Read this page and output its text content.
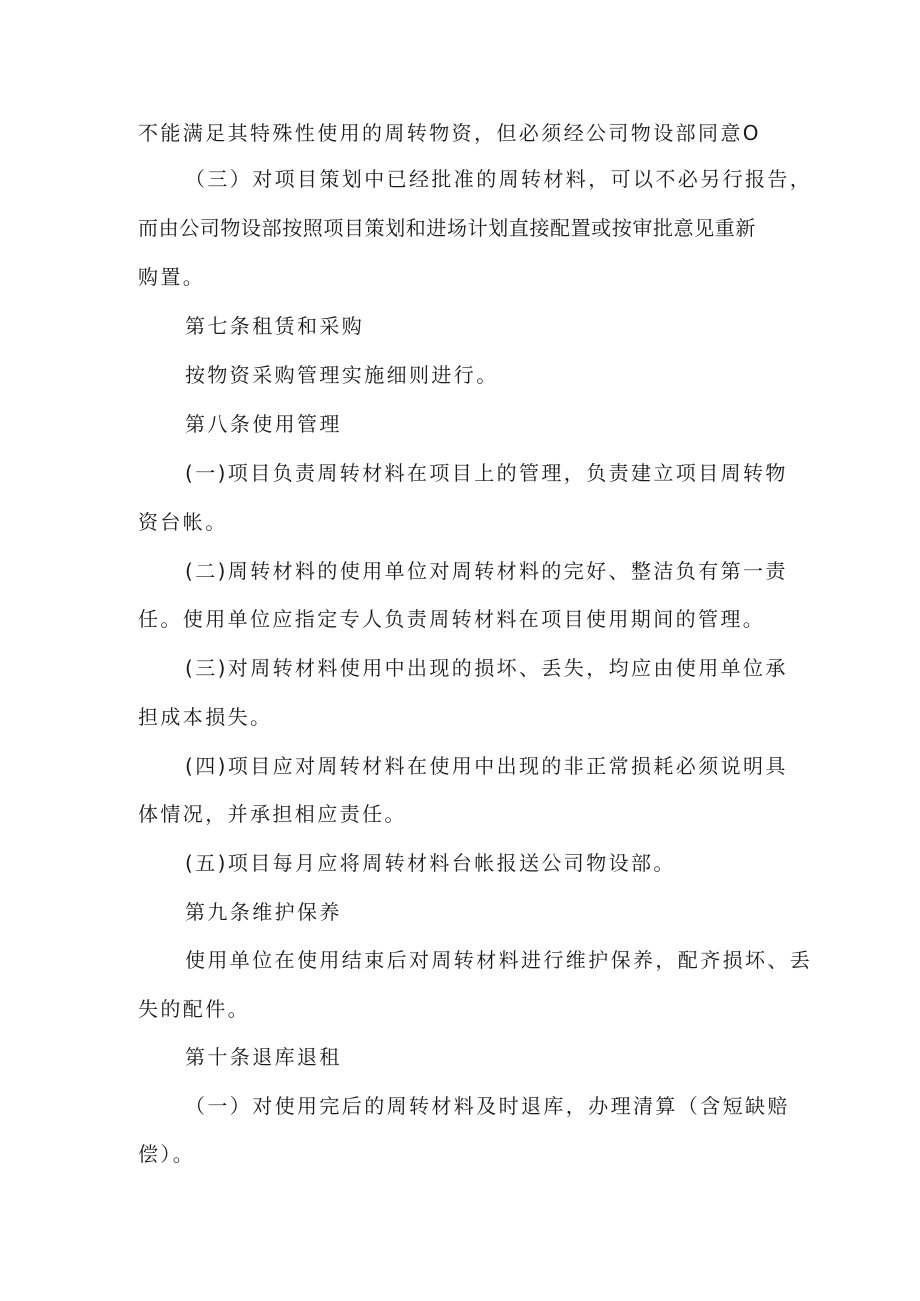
不能满足其特殊性使用的周转物资，但必须经公司物设部同意O
（三）对项目策划中已经批准的周转材料，可以不必另行报告，
而由公司物设部按照项目策划和进场计划直接配置或按审批意见重新
购置。
第七条租赁和采购
按物资采购管理实施细则进行。
第八条使用管理
(一)项目负责周转材料在项目上的管理，负责建立项目周转物
资台帐。
(二)周转材料的使用单位对周转材料的完好、整洁负有第一责
任。使用单位应指定专人负责周转材料在项目使用期间的管理。
(三)对周转材料使用中出现的损坏、丢失，均应由使用单位承
担成本损失。
(四)项目应对周转材料在使用中出现的非正常损耗必须说明具
体情况，并承担相应责任。
(五)项目每月应将周转材料台帐报送公司物设部。
第九条维护保养
使用单位在使用结束后对周转材料进行维护保养，配齐损坏、丢
失的配件。
第十条退库退租
（一）对使用完后的周转材料及时退库，办理清算（含短缺赔
偿）。
